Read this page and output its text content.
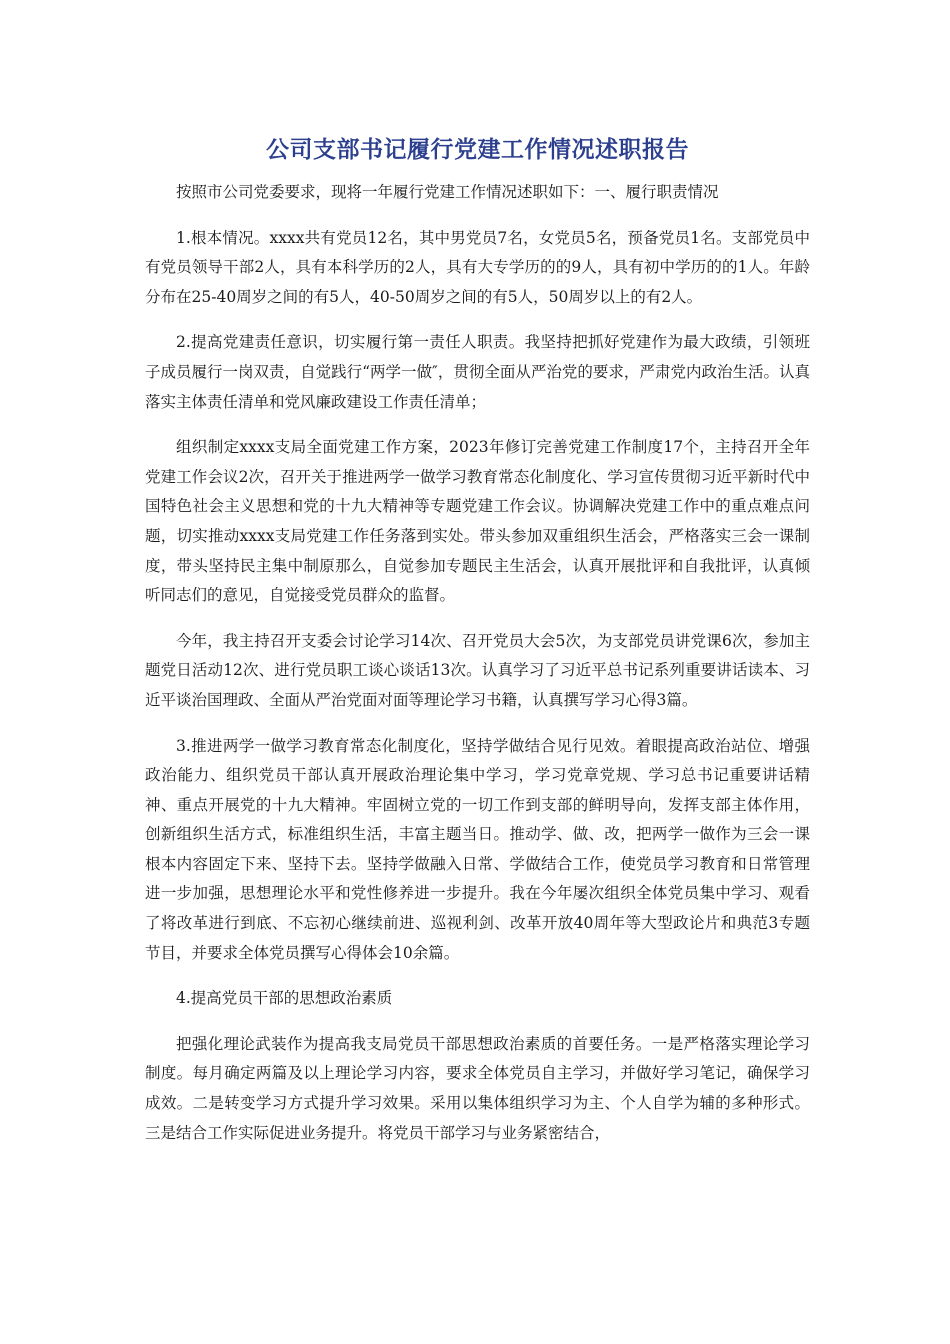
公司支部书记履行党建工作情况述职报告

按照市公司党委要求，现将一年履行党建工作情况述职如下：一、履行职责情况

1.根本情况。xxxx共有党员12名，其中男党员7名，女党员5名，预备党员1名。支部党员中有党员领导干部2人，具有本科学历的2人，具有大专学历的的9人，具有初中学历的的1人。年龄分布在25-40周岁之间的有5人，40-50周岁之间的有5人，50周岁以上的有2人。

2.提高党建责任意识，切实履行第一责任人职责。我坚持把抓好党建作为最大政绩，引领班子成员履行一岗双责，自觉践行“两学一做″，贯彻全面从严治党的要求，严肃党内政治生活。认真落实主体责任清单和党风廉政建设工作责任清单；

组织制定xxxx支局全面党建工作方案，2023年修订完善党建工作制度17个，主持召开全年党建工作会议2次，召开关于推进两学一做学习教育常态化制度化、学习宣传贯彻习近平新时代中国特色社会主义思想和党的十九大精神等专题党建工作会议。协调解决党建工作中的重点难点问题，切实推动xxxx支局党建工作任务落到实处。带头参加双重组织生活会，严格落实三会一课制度，带头坚持民主集中制原那么，自觉参加专题民主生活会，认真开展批评和自我批评，认真倾听同志们的意见，自觉接受党员群众的监督。

今年，我主持召开支委会讨论学习14次、召开党员大会5次，为支部党员讲党课6次，参加主题党日活动12次、进行党员职工谈心谈话13次。认真学习了习近平总书记系列重要讲话读本、习近平谈治国理政、全面从严治党面对面等理论学习书籍，认真撰写学习心得3篇。

3.推进两学一做学习教育常态化制度化，坚持学做结合见行见效。着眼提高政治站位、增强政治能力、组织党员干部认真开展政治理论集中学习，学习党章党规、学习总书记重要讲话精神、重点开展党的十九大精神。牢固树立党的一切工作到支部的鲜明导向，发挥支部主体作用，创新组织生活方式，标准组织生活，丰富主题当日。推动学、做、改，把两学一做作为三会一课根本内容固定下来、坚持下去。坚持学做融入日常、学做结合工作，使党员学习教育和日常管理进一步加强，思想理论水平和党性修养进一步提升。我在今年屡次组织全体党员集中学习、观看了将改革进行到底、不忘初心继续前进、巡视利剑、改革开放40周年等大型政论片和典范3专题节目，并要求全体党员撰写心得体会10余篇。

4.提高党员干部的思想政治素质

把强化理论武装作为提高我支局党员干部思想政治素质的首要任务。一是严格落实理论学习制度。每月确定两篇及以上理论学习内容，要求全体党员自主学习，并做好学习笔记，确保学习成效。二是转变学习方式提升学习效果。采用以集体组织学习为主、个人自学为辅的多种形式。三是结合工作实际促进业务提升。将党员干部学习与业务紧密结合，
